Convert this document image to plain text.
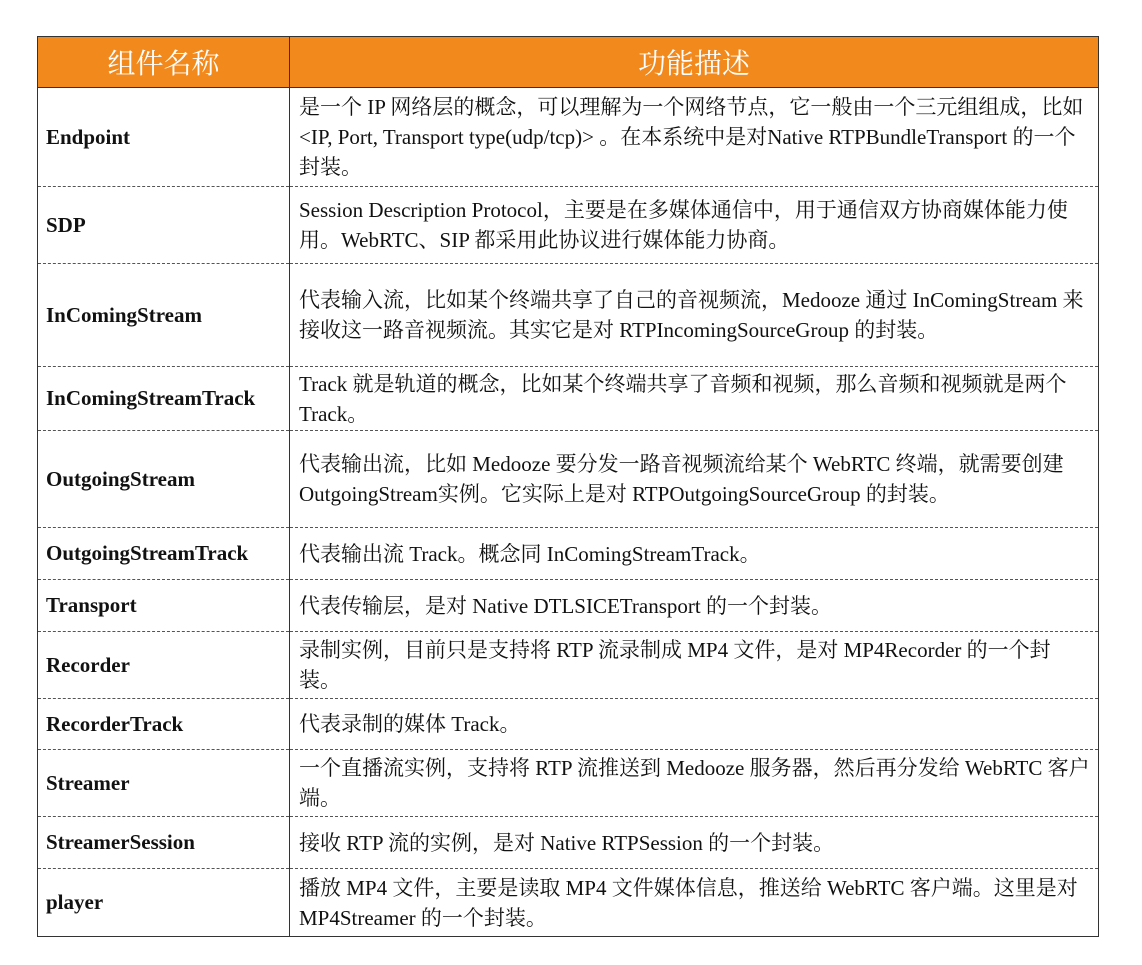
组件名称	功能描述
Endpoint	是一个 IP 网络层的概念，可以理解为一个网络节点，它一般由一个三元组组成，比如 <IP, Port, Transport type(udp/tcp)> 。在本系统中是对Native RTPBundleTransport 的一个封装。
SDP	Session Description Protocol，主要是在多媒体通信中，用于通信双方协商媒体能力使用。WebRTC、SIP 都采用此协议进行媒体能力协商。
InComingStream	代表输入流，比如某个终端共享了自己的音视频流，Medooze 通过 InComingStream 来接收这一路音视频流。其实它是对 RTPIncomingSourceGroup 的封装。
InComingStreamTrack	Track 就是轨道的概念，比如某个终端共享了音频和视频，那么音频和视频就是两个 Track。
OutgoingStream	代表输出流，比如 Medooze 要分发一路音视频流给某个 WebRTC 终端，就需要创建OutgoingStream实例。它实际上是对 RTPOutgoingSourceGroup 的封装。
OutgoingStreamTrack	代表输出流 Track。概念同 InComingStreamTrack。
Transport	代表传输层，是对 Native DTLSICETransport 的一个封装。
Recorder	录制实例，目前只是支持将 RTP 流录制成 MP4 文件，是对 MP4Recorder 的一个封装。
RecorderTrack	代表录制的媒体 Track。
Streamer	一个直播流实例，支持将 RTP 流推送到 Medooze 服务器，然后再分发给 WebRTC 客户端。
StreamerSession	接收 RTP 流的实例，是对 Native RTPSession 的一个封装。
player	播放 MP4 文件，主要是读取 MP4 文件媒体信息，推送给 WebRTC 客户端。这里是对 MP4Streamer 的一个封装。
